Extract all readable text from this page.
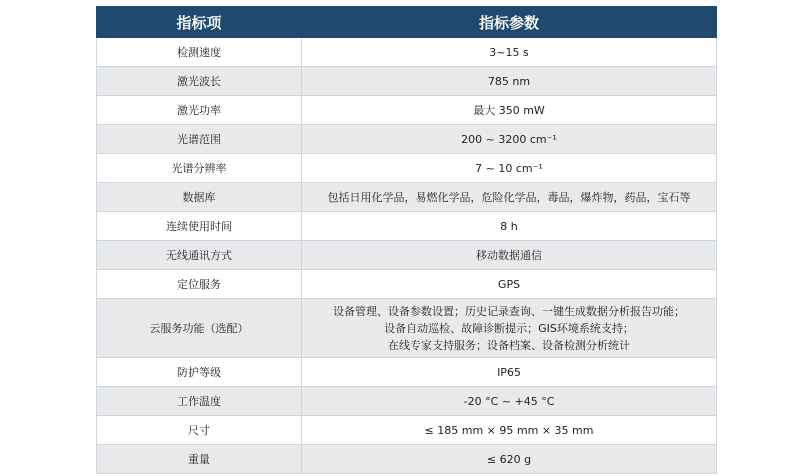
指标项	指标参数
检测速度	3~15 s
激光波长	785 nm
激光功率	最大 350 mW
光谱范围	200 ~ 3200 cm⁻¹
光谱分辨率	7 ~ 10 cm⁻¹
数据库	包括日用化学品，易燃化学品，危险化学品，毒品，爆炸物，药品，宝石等
连续使用时间	8 h
无线通讯方式	移动数据通信
定位服务	GPS
云服务功能（选配）	设备管理、设备参数设置；历史记录查询、一键生成数据分析报告功能；
设备自动巡检、故障诊断提示；GIS环境系统支持；
在线专家支持服务；设备档案、设备检测分析统计

防护等级	IP65
工作温度	-20 °C ~ +45 °C
尺寸	≤ 185 mm × 95 mm × 35 mm
重量	≤ 620 g
